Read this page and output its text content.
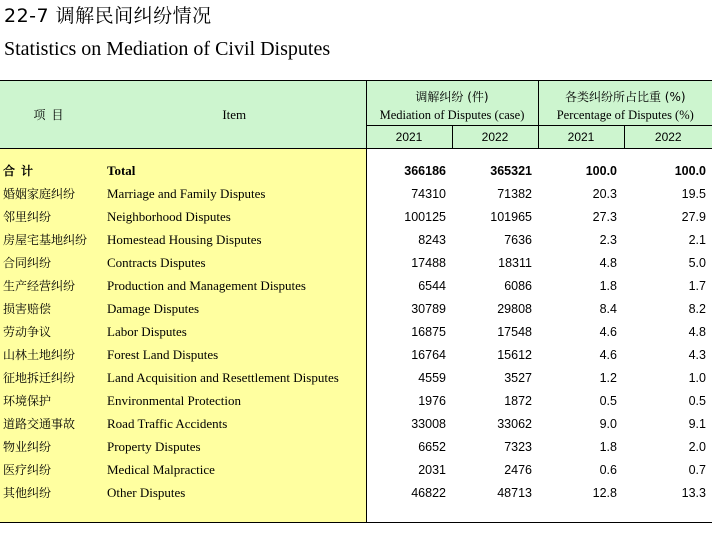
22-7 调解民间纠纷情况
Statistics on Mediation of Civil Disputes
项目	Item	调解纠纷 (件)		各类纠纷所占比重 (%)	
		Mediation of Disputes (case)		Percentage of Disputes (%)	
		2021	2022	2021	2022

合计	Total	366186	365321	100.0	100.0
婚姻家庭纠纷	Marriage and Family Disputes	74310	71382	20.3	19.5
邻里纠纷	Neighborhood Disputes	100125	101965	27.3	27.9
房屋宅基地纠纷	Homestead Housing Disputes	8243	7636	2.3	2.1
合同纠纷	Contracts Disputes	17488	18311	4.8	5.0
生产经营纠纷	Production and Management Disputes	6544	6086	1.8	1.7
损害赔偿	Damage Disputes	30789	29808	8.4	8.2
劳动争议	Labor Disputes	16875	17548	4.6	4.8
山林土地纠纷	Forest Land Disputes	16764	15612	4.6	4.3
征地拆迁纠纷	Land Acquisition and Resettlement Disputes	4559	3527	1.2	1.0
环境保护	Environmental Protection	1976	1872	0.5	0.5
道路交通事故	Road Traffic Accidents	33008	33062	9.0	9.1
物业纠纷	Property Disputes	6652	7323	1.8	2.0
医疗纠纷	Medical Malpractice	2031	2476	0.6	0.7
其他纠纷	Other Disputes	46822	48713	12.8	13.3
